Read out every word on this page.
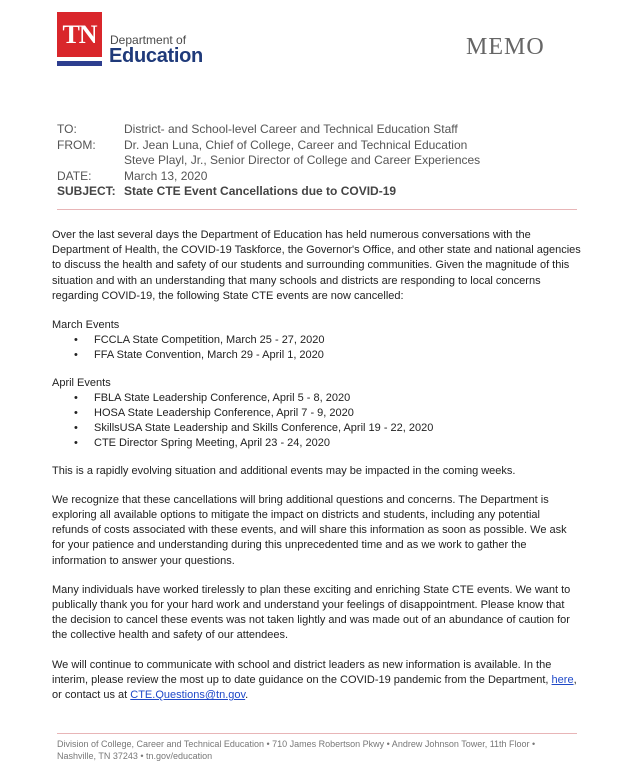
TN	Department of
Education	MEMO
TO:	District- and School-level Career and Technical Education Staff
FROM: Dr. Jean Luna, Chief of College, Career and Technical Education
Steve Playl, Jr., Senior Director of College and Career Experiences
DATE:	March 13, 2020
SUBJECT: State CTE Event Cancellations due to COVID-19

Over the last several days the Department of Education has held numerous conversations with the
Department of Health, the COVID-19 Taskforce, the Governor's Office, and other state and national agencies
to discuss the health and safety of our students and surrounding communities. Given the magnitude of this
situation and with an understanding that many schools and districts are responding to local concerns
regarding COVID-19, the following State CTE events are now cancelled:

March Events
• FCCLA State Competition, March 25 - 27, 2020
• FFA State Convention, March 29 - April 1, 2020
April Events
• FBLA State Leadership Conference, April 5 - 8, 2020
• HOSA State Leadership Conference, April 7 - 9, 2020
• SkillsUSA State Leadership and Skills Conference, April 19 - 22, 2020
• CTE Director Spring Meeting, April 23 - 24, 2020

This is a rapidly evolving situation and additional events may be impacted in the coming weeks.

We recognize that these cancellations will bring additional questions and concerns. The Department is
exploring all available options to mitigate the impact on districts and students, including any potential
refunds of costs associated with these events, and will share this information as soon as possible. We ask
for your patience and understanding during this unprecedented time and as we work to gather the
information to answer your questions.

Many individuals have worked tirelessly to plan these exciting and enriching State CTE events. We want to
publically thank you for your hard work and understand your feelings of disappointment. Please know that
the decision to cancel these events was not taken lightly and was made out of an abundance of caution for
the collective health and safety of our attendees.

We will continue to communicate with school and district leaders as new information is available. In the
interim, please review the most up to date guidance on the COVID-19 pandemic from the Department, here,
or contact us at CTE.Questions@tn.gov.

Division of College, Career and Technical Education • 710 James Robertson Pkwy • Andrew Johnson Tower, 11th Floor •
Nashville, TN 37243 • tn.gov/education
